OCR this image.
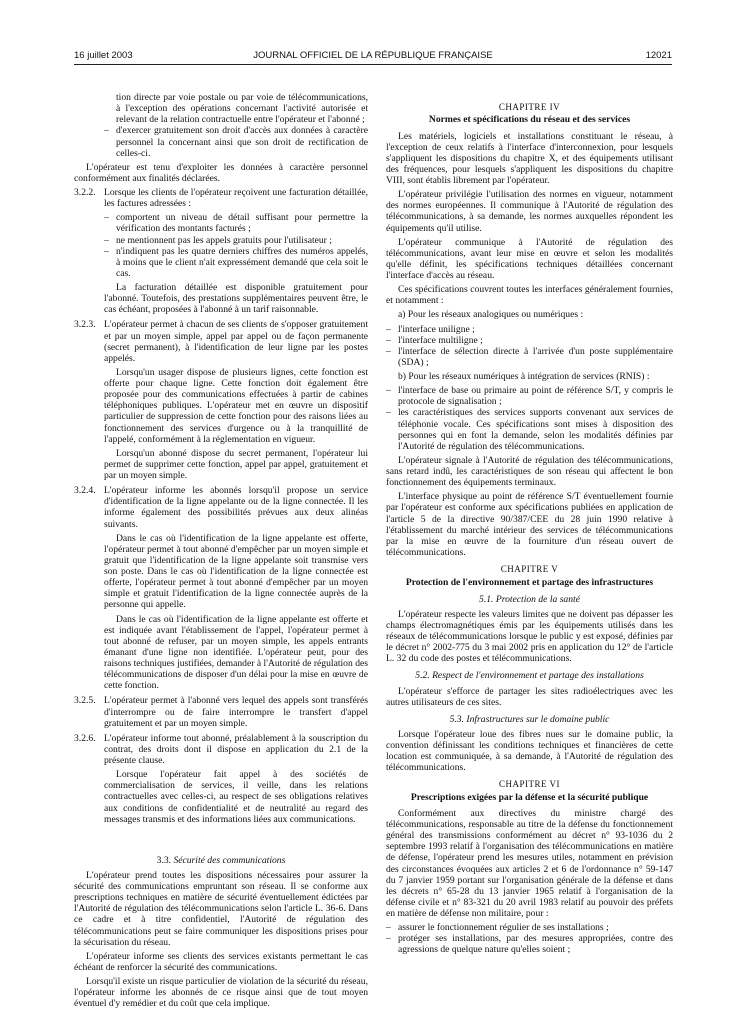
16 juillet 2003	JOURNAL OFFICIEL DE LA RÉPUBLIQUE FRANÇAISE	12021
tion directe par voie postale ou par voie de télécommunications, à l'exception des opérations concernant l'activité autorisée et relevant de la relation contractuelle entre l'opérateur et l'abonné ;
– d'exercer gratuitement son droit d'accès aux données à caractère personnel la concernant ainsi que son droit de rectification de celles-ci.

L'opérateur est tenu d'exploiter les données à caractère personnel conformément aux finalités déclarées.

3.2.2. Lorsque les clients de l'opérateur reçoivent une facturation détaillée, les factures adressées :

– comportent un niveau de détail suffisant pour permettre la vérification des montants facturés ;
– ne mentionnent pas les appels gratuits pour l'utilisateur ;
– n'indiquent pas les quatre derniers chiffres des numéros appelés, à moins que le client n'ait expressément demandé que cela soit le cas.

La facturation détaillée est disponible gratuitement pour l'abonné. Toutefois, des prestations supplémentaires peuvent être, le cas échéant, proposées à l'abonné à un tarif raisonnable.

3.2.3. L'opérateur permet à chacun de ses clients de s'opposer gratuitement et par un moyen simple, appel par appel ou de façon permanente (secret permanent), à l'identification de leur ligne par les postes appelés.

Lorsqu'un usager dispose de plusieurs lignes, cette fonction est offerte pour chaque ligne. Cette fonction doit également être proposée pour des communications effectuées à partir de cabines téléphoniques publiques. L'opérateur met en œuvre un dispositif particulier de suppression de cette fonction pour des raisons liées au fonctionnement des services d'urgence ou à la tranquillité de l'appelé, conformément à la réglementation en vigueur.

Lorsqu'un abonné dispose du secret permanent, l'opérateur lui permet de supprimer cette fonction, appel par appel, gratuitement et par un moyen simple.

3.2.4. L'opérateur informe les abonnés lorsqu'il propose un service d'identification de la ligne appelante ou de la ligne connectée. Il les informe également des possibilités prévues aux deux alinéas suivants.

Dans le cas où l'identification de la ligne appelante est offerte, l'opérateur permet à tout abonné d'empêcher par un moyen simple et gratuit que l'identification de la ligne appelante soit transmise vers son poste. Dans le cas où l'identification de la ligne connectée est offerte, l'opérateur permet à tout abonné d'empêcher par un moyen simple et gratuit l'identification de la ligne connectée auprès de la personne qui appelle.

Dans le cas où l'identification de la ligne appelante est offerte et est indiquée avant l'établissement de l'appel, l'opérateur permet à tout abonné de refuser, par un moyen simple, les appels entrants émanant d'une ligne non identifiée. L'opérateur peut, pour des raisons techniques justifiées, demander à l'Autorité de régulation des télécommunications de disposer d'un délai pour la mise en œuvre de cette fonction.

3.2.5. L'opérateur permet à l'abonné vers lequel des appels sont transférés d'interrompre ou de faire interrompre le transfert d'appel gratuitement et par un moyen simple.

3.2.6. L'opérateur informe tout abonné, préalablement à la souscription du contrat, des droits dont il dispose en application du 2.1 de la présente clause.

Lorsque l'opérateur fait appel à des sociétés de commercialisation de services, il veille, dans les relations contractuelles avec celles-ci, au respect de ses obligations relatives aux conditions de confidentialité et de neutralité au regard des messages transmis et des informations liées aux communications.

3.3. Sécurité des communications

L'opérateur prend toutes les dispositions nécessaires pour assurer la sécurité des communications empruntant son réseau. Il se conforme aux prescriptions techniques en matière de sécurité éventuellement édictées par l'Autorité de régulation des télécommunications selon l'article L. 36-6. Dans ce cadre et à titre confidentiel, l'Autorité de régulation des télécommunications peut se faire communiquer les dispositions prises pour la sécurisation du réseau.

L'opérateur informe ses clients des services existants permettant le cas échéant de renforcer la sécurité des communications.

Lorsqu'il existe un risque particulier de violation de la sécurité du réseau, l'opérateur informe les abonnés de ce risque ainsi que de tout moyen éventuel d'y remédier et du coût que cela implique.

CHAPITRE IV

Normes et spécifications du réseau et des services

Les matériels, logiciels et installations constituant le réseau, à l'exception de ceux relatifs à l'interface d'interconnexion, pour lesquels s'appliquent les dispositions du chapitre X, et des équipements utilisant des fréquences, pour lesquels s'appliquent les dispositions du chapitre VIII, sont établis librement par l'opérateur.

L'opérateur privilégie l'utilisation des normes en vigueur, notamment des normes européennes. Il communique à l'Autorité de régulation des télécommunications, à sa demande, les normes auxquelles répondent les équipements qu'il utilise.

L'opérateur communique à l'Autorité de régulation des télécommunications, avant leur mise en œuvre et selon les modalités qu'elle définit, les spécifications techniques détaillées concernant l'interface d'accès au réseau.

Ces spécifications couvrent toutes les interfaces généralement fournies, et notamment :

a) Pour les réseaux analogiques ou numériques :

– l'interface uniligne ;
– l'interface multiligne ;
– l'interface de sélection directe à l'arrivée d'un poste supplémentaire (SDA) ;

b) Pour les réseaux numériques à intégration de services (RNIS) :

– l'interface de base ou primaire au point de référence S/T, y compris le protocole de signalisation ;
– les caractéristiques des services supports convenant aux services de téléphonie vocale. Ces spécifications sont mises à disposition des personnes qui en font la demande, selon les modalités définies par l'Autorité de régulation des télécommunications.

L'opérateur signale à l'Autorité de régulation des télécommunications, sans retard indû, les caractéristiques de son réseau qui affectent le bon fonctionnement des équipements terminaux.

L'interface physique au point de référence S/T éventuellement fournie par l'opérateur est conforme aux spécifications publiées en application de l'article 5 de la directive 90/387/CEE du 28 juin 1990 relative à l'établissement du marché intérieur des services de télécommunications par la mise en œuvre de la fourniture d'un réseau ouvert de télécommunications.

CHAPITRE V

Protection de l'environnement et partage des infrastructures

5.1. Protection de la santé

L'opérateur respecte les valeurs limites que ne doivent pas dépasser les champs électromagnétiques émis par les équipements utilisés dans les réseaux de télécommunications lorsque le public y est exposé, définies par le décret n° 2002-775 du 3 mai 2002 pris en application du 12° de l'article L. 32 du code des postes et télécommunications.

5.2. Respect de l'environnement et partage des installations

L'opérateur s'efforce de partager les sites radioélectriques avec les autres utilisateurs de ces sites.

5.3. Infrastructures sur le domaine public

Lorsque l'opérateur loue des fibres nues sur le domaine public, la convention définissant les conditions techniques et financières de cette location est communiquée, à sa demande, à l'Autorité de régulation des télécommunications.

CHAPITRE VI

Prescriptions exigées par la défense et la sécurité publique

Conformément aux directives du ministre chargé des télécommunications, responsable au titre de la défense du fonctionnement général des transmissions conformément au décret n° 93-1036 du 2 septembre 1993 relatif à l'organisation des télécommunications en matière de défense, l'opérateur prend les mesures utiles, notamment en prévision des circonstances évoquées aux articles 2 et 6 de l'ordonnance n° 59-147 du 7 janvier 1959 portant sur l'organisation générale de la défense et dans les décrets n° 65-28 du 13 janvier 1965 relatif à l'organisation de la défense civile et n° 83-321 du 20 avril 1983 relatif au pouvoir des préfets en matière de défense non militaire, pour :

– assurer le fonctionnement régulier de ses installations ;
– protéger ses installations, par des mesures appropriées, contre des agressions de quelque nature qu'elles soient ;
